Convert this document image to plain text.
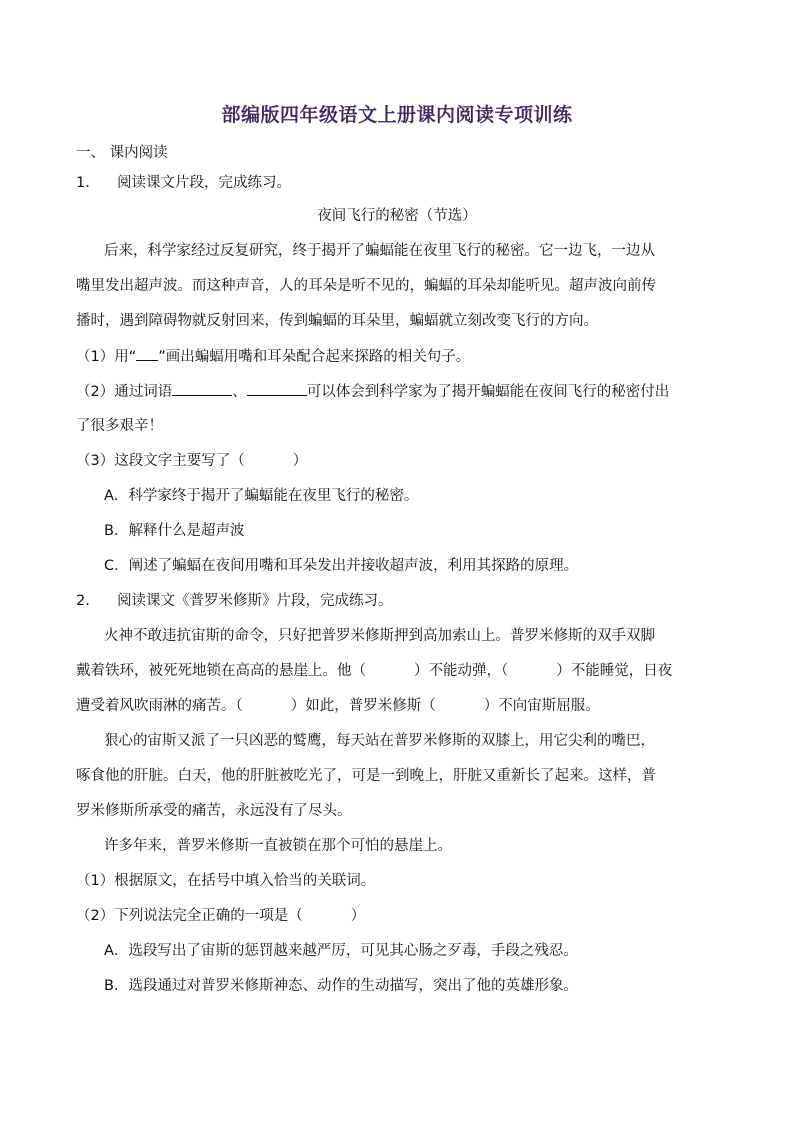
部编版四年级语文上册课内阅读专项训练
一、 课内阅读
1. 阅读课文片段，完成练习。
夜间飞行的秘密（节选）
后来，科学家经过反复研究，终于揭开了蝙蝠能在夜里飞行的秘密。它一边飞，一边从
嘴里发出超声波。而这种声音，人的耳朵是听不见的，蝙蝠的耳朵却能听见。超声波向前传
播时，遇到障碍物就反射回来，传到蝙蝠的耳朵里，蝙蝠就立刻改变飞行的方向。
（1）用“ ”画出蝙蝠用嘴和耳朵配合起来探路的相关句子。
（2）通过词语	、	可以体会到科学家为了揭开蝙蝠能在夜间飞行的秘密付出
了很多艰辛！
（3）这段文字主要写了（	）
A．科学家终于揭开了蝙蝠能在夜里飞行的秘密。
B．解释什么是超声波
C．阐述了蝙蝠在夜间用嘴和耳朵发出并接收超声波，利用其探路的原理。
2. 阅读课文《普罗米修斯》片段，完成练习。
火神不敢违抗宙斯的命令，只好把普罗米修斯押到高加索山上。普罗米修斯的双手双脚
戴着铁环，被死死地锁在高高的悬崖上。他（	）不能动弹，（	）不能睡觉，日夜
遭受着风吹雨淋的痛苦。（	）如此，普罗米修斯（	）不向宙斯屈服。
狠心的宙斯又派了一只凶恶的鹫鹰，每天站在普罗米修斯的双膝上，用它尖利的嘴巴，
啄食他的肝脏。白天，他的肝脏被吃光了，可是一到晚上，肝脏又重新长了起来。这样，普
罗米修斯所承受的痛苦，永远没有了尽头。
许多年来，普罗米修斯一直被锁在那个可怕的悬崖上。
（1）根据原文，在括号中填入恰当的关联词。
（2）下列说法完全正确的一项是（	）
A．选段写出了宙斯的惩罚越来越严厉，可见其心肠之歹毒，手段之残忍。
B．选段通过对普罗米修斯神态、动作的生动描写，突出了他的英雄形象。
